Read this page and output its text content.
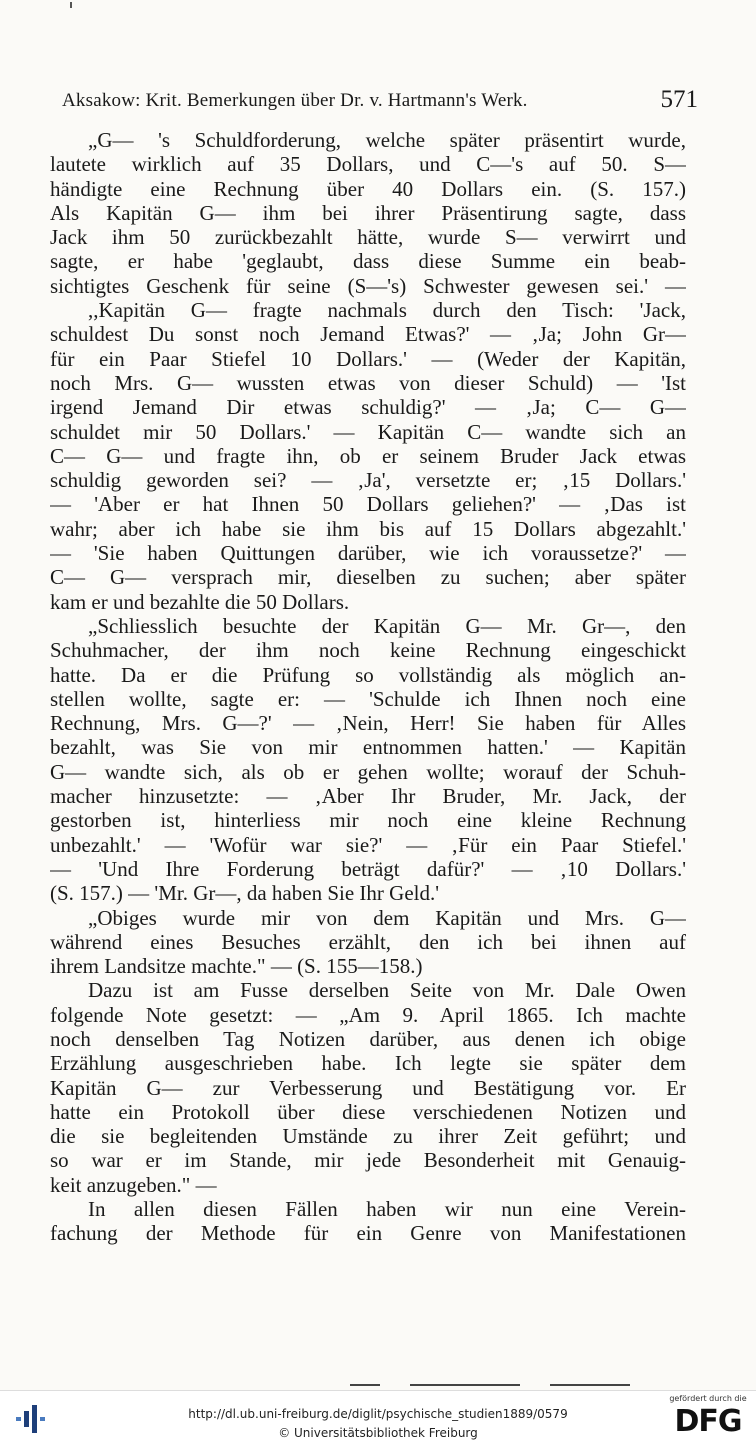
Aksakow: Krit. Bemerkungen über Dr. v. Hartmann's Werk.	571
„G— 's Schuldforderung, welche später präsentirt wurde,
lautete wirklich auf 35 Dollars, und C—'s auf 50. S—
händigte eine Rechnung über 40 Dollars ein. (S. 157.)
Als Kapitän G— ihm bei ihrer Präsentirung sagte, dass
Jack ihm 50 zurückbezahlt hätte, wurde S— verwirrt und
sagte, er habe 'geglaubt, dass diese Summe ein beab-
sichtigtes Geschenk für seine (S—'s) Schwester gewesen sei.' —
,,Kapitän G— fragte nachmals durch den Tisch: 'Jack,
schuldest Du sonst noch Jemand Etwas?' — ‚Ja; John Gr—
für ein Paar Stiefel 10 Dollars.' — (Weder der Kapitän,
noch Mrs. G— wussten etwas von dieser Schuld) — 'Ist
irgend Jemand Dir etwas schuldig?' — ‚Ja; C— G—
schuldet mir 50 Dollars.' — Kapitän C— wandte sich an
C— G— und fragte ihn, ob er seinem Bruder Jack etwas
schuldig geworden sei? — ‚Ja', versetzte er; ‚15 Dollars.'
— 'Aber er hat Ihnen 50 Dollars geliehen?' — ‚Das ist
wahr; aber ich habe sie ihm bis auf 15 Dollars abgezahlt.'
— 'Sie haben Quittungen darüber, wie ich voraussetze?' —
C— G— versprach mir, dieselben zu suchen; aber später
kam er und bezahlte die 50 Dollars.
„Schliesslich besuchte der Kapitän G— Mr. Gr—, den
Schuhmacher, der ihm noch keine Rechnung eingeschickt
hatte. Da er die Prüfung so vollständig als möglich an-
stellen wollte, sagte er: — 'Schulde ich Ihnen noch eine
Rechnung, Mrs. G—?' — ‚Nein, Herr! Sie haben für Alles
bezahlt, was Sie von mir entnommen hatten.' — Kapitän
G— wandte sich, als ob er gehen wollte; worauf der Schuh-
macher hinzusetzte: — ‚Aber Ihr Bruder, Mr. Jack, der
gestorben ist, hinterliess mir noch eine kleine Rechnung
unbezahlt.' — 'Wofür war sie?' — ‚Für ein Paar Stiefel.'
— 'Und Ihre Forderung beträgt dafür?' — ‚10 Dollars.'
(S. 157.) — 'Mr. Gr—, da haben Sie Ihr Geld.'
„Obiges wurde mir von dem Kapitän und Mrs. G—
während eines Besuches erzählt, den ich bei ihnen auf
ihrem Landsitze machte." — (S. 155—158.)
Dazu ist am Fusse derselben Seite von Mr. Dale Owen
folgende Note gesetzt: — „Am 9. April 1865. Ich machte
noch denselben Tag Notizen darüber, aus denen ich obige
Erzählung ausgeschrieben habe. Ich legte sie später dem
Kapitän G— zur Verbesserung und Bestätigung vor. Er
hatte ein Protokoll über diese verschiedenen Notizen und
die sie begleitenden Umstände zu ihrer Zeit geführt; und
so war er im Stande, mir jede Besonderheit mit Genauig-
keit anzugeben." —
In allen diesen Fällen haben wir nun eine Verein-
fachung der Methode für ein Genre von Manifestationen
http://dl.ub.uni-freiburg.de/diglit/psychische_studien1889/0579
© Universitätsbibliothek Freiburg
gefördert durch die
DFG
